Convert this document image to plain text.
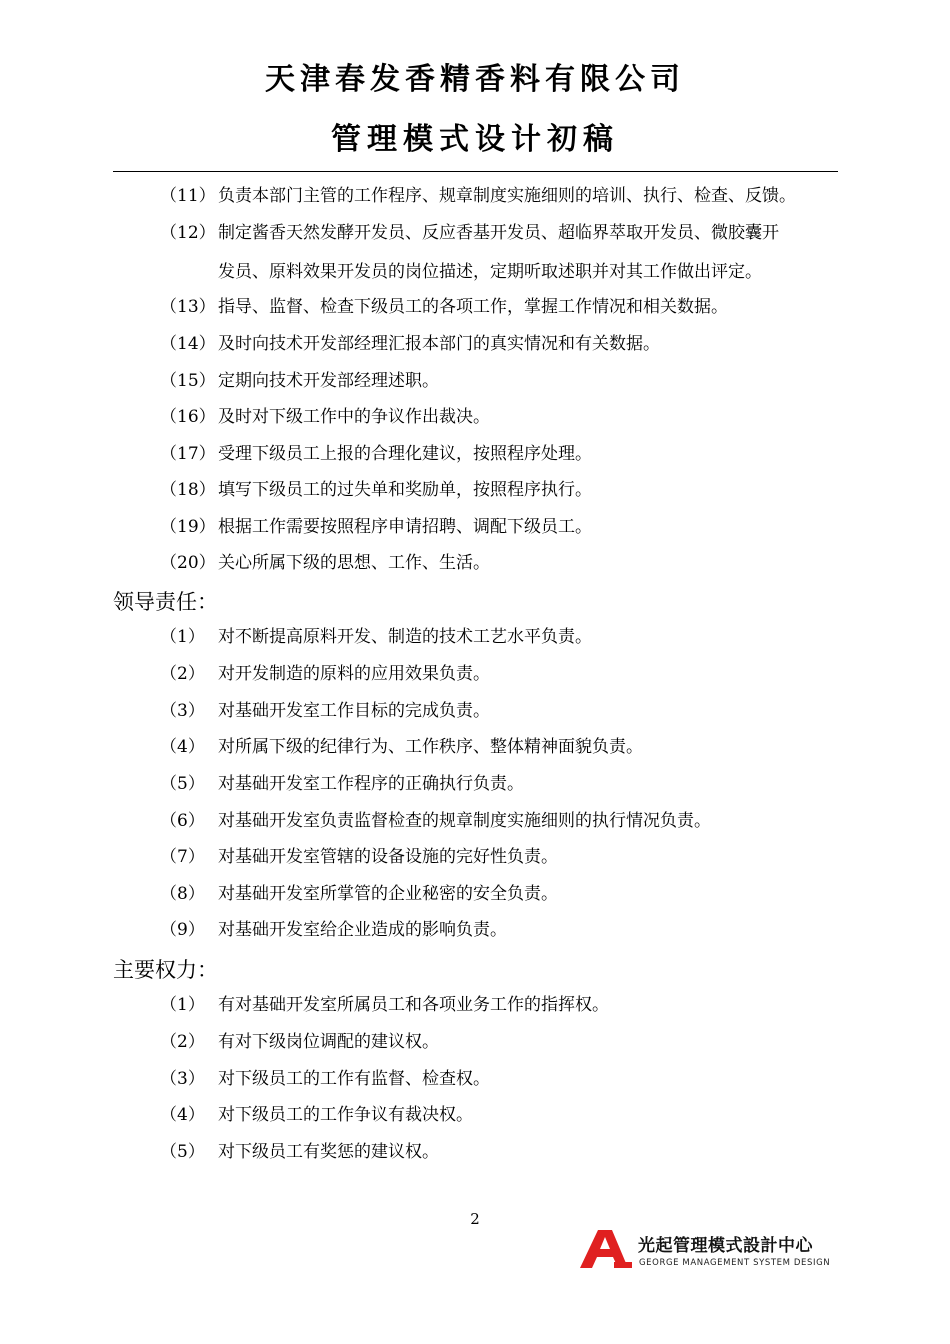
天津春发香精香料有限公司
管理模式设计初稿
（11） 负责本部门主管的工作程序、规章制度实施细则的培训、执行、检查、反馈。
（12） 制定酱香天然发酵开发员、反应香基开发员、超临界萃取开发员、微胶囊开
发员、原料效果开发员的岗位描述，定期听取述职并对其工作做出评定。
（13） 指导、监督、检查下级员工的各项工作，掌握工作情况和相关数据。
（14） 及时向技术开发部经理汇报本部门的真实情况和有关数据。
（15） 定期向技术开发部经理述职。
（16） 及时对下级工作中的争议作出裁决。
（17） 受理下级员工上报的合理化建议，按照程序处理。
（18） 填写下级员工的过失单和奖励单，按照程序执行。
（19） 根据工作需要按照程序申请招聘、调配下级员工。
（20） 关心所属下级的思想、工作、生活。
领导责任：
（1） 对不断提高原料开发、制造的技术工艺水平负责。
（2） 对开发制造的原料的应用效果负责。
（3） 对基础开发室工作目标的完成负责。
（4） 对所属下级的纪律行为、工作秩序、整体精神面貌负责。
（5） 对基础开发室工作程序的正确执行负责。
（6） 对基础开发室负责监督检查的规章制度实施细则的执行情况负责。
（7） 对基础开发室管辖的设备设施的完好性负责。
（8） 对基础开发室所掌管的企业秘密的安全负责。
（9） 对基础开发室给企业造成的影响负责。
主要权力：
（1） 有对基础开发室所属员工和各项业务工作的指挥权。
（2） 有对下级岗位调配的建议权。
（3） 对下级员工的工作有监督、检查权。
（4） 对下级员工的工作争议有裁决权。
（5） 对下级员工有奖惩的建议权。
2
光起管理模式設計中心
GEORGE MANAGEMENT SYSTEM DESIGN
